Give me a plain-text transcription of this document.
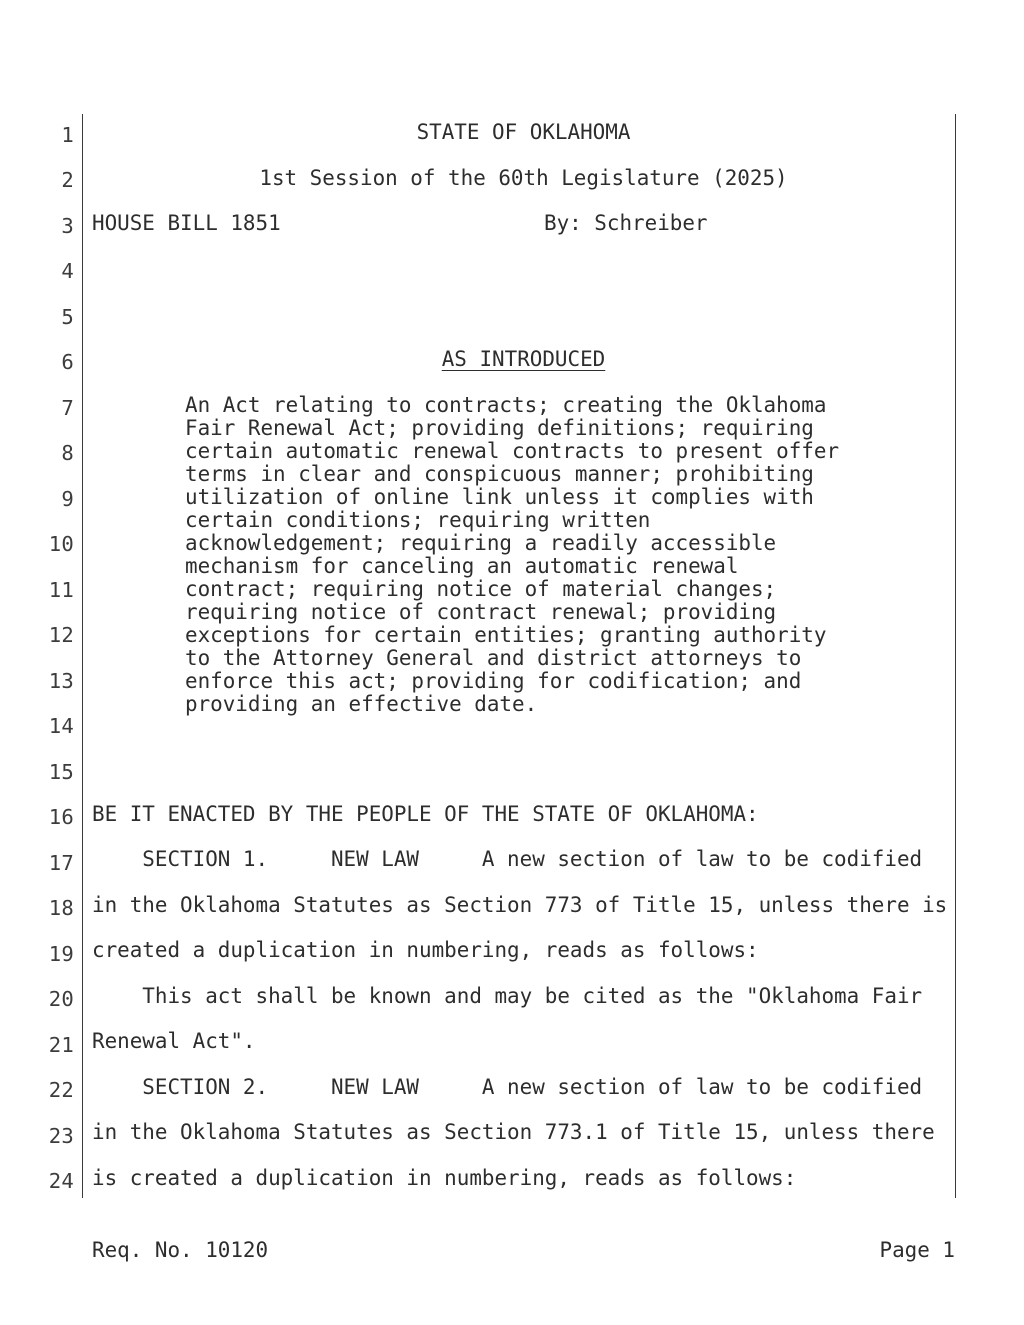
1
2
3
4
5
6
7
8
9
10
11
12
13
14
15
16
17
18
19
20
21
22
23
24
STATE OF OKLAHOMA
1st Session of the 60th Legislature (2025)
HOUSE BILL 1851	By: Schreiber
AS INTRODUCED
An Act relating to contracts; creating the Oklahoma
Fair Renewal Act; providing definitions; requiring
certain automatic renewal contracts to present offer
terms in clear and conspicuous manner; prohibiting
utilization of online link unless it complies with
certain conditions; requiring written
acknowledgement; requiring a readily accessible
mechanism for canceling an automatic renewal
contract; requiring notice of material changes;
requiring notice of contract renewal; providing
exceptions for certain entities; granting authority
to the Attorney General and district attorneys to
enforce this act; providing for codification; and
providing an effective date.
BE IT ENACTED BY THE PEOPLE OF THE STATE OF OKLAHOMA:
SECTION 1.     NEW LAW     A new section of law to be codified
in the Oklahoma Statutes as Section 773 of Title 15, unless there is
created a duplication in numbering, reads as follows:
This act shall be known and may be cited as the "Oklahoma Fair
Renewal Act".
SECTION 2.     NEW LAW     A new section of law to be codified
in the Oklahoma Statutes as Section 773.1 of Title 15, unless there
is created a duplication in numbering, reads as follows:
Req. No. 10120	Page 1
